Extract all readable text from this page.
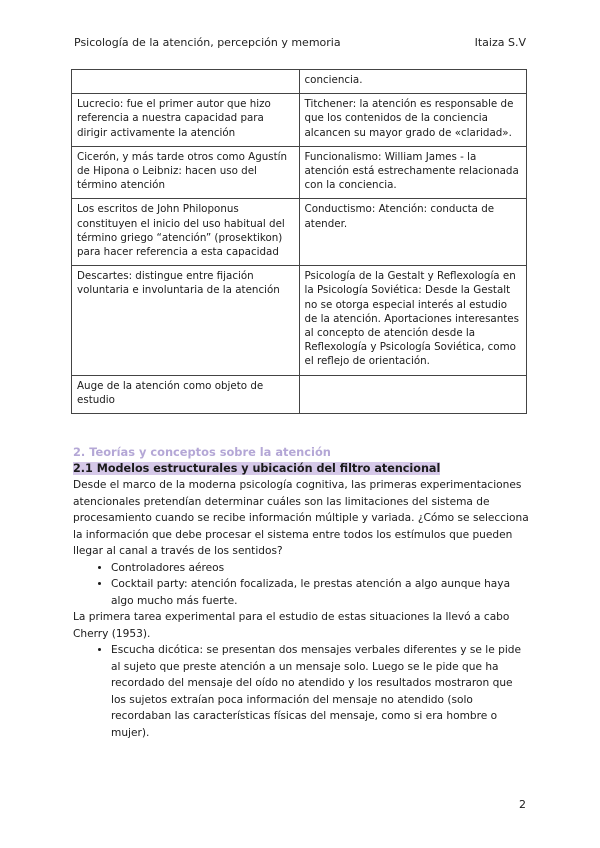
Psicología de la atención, percepción y memoria	Itaiza S.V
	conciencia.
Lucrecio: fue el primer autor que hizo referencia a nuestra capacidad para dirigir activamente la atención	Titchener: la atención es responsable de que los contenidos de la conciencia alcancen su mayor grado de «claridad».
Cicerón, y más tarde otros como Agustín de Hipona o Leibniz: hacen uso del término atención	Funcionalismo: William James - la atención está estrechamente relacionada con la conciencia.
Los escritos de John Philoponus constituyen el inicio del uso habitual del término griego “atención” (prosektikon) para hacer referencia a esta capacidad	Conductismo: Atención: conducta de atender.
Descartes: distingue entre fijación voluntaria e involuntaria de la atención	Psicología de la Gestalt y Reflexología en la Psicología Soviética: Desde la Gestalt no se otorga especial interés al estudio de la atención. Aportaciones interesantes al concepto de atención desde la Reflexología y Psicología Soviética, como el reflejo de orientación.
Auge de la atención como objeto de estudio	
2. Teorías y conceptos sobre la atención
2.1 Modelos estructurales y ubicación del filtro atencional

Desde el marco de la moderna psicología cognitiva, las primeras experimentaciones atencionales pretendían determinar cuáles son las limitaciones del sistema de procesamiento cuando se recibe información múltiple y variada. ¿Cómo se selecciona la información que debe procesar el sistema entre todos los estímulos que pueden llegar al canal a través de los sentidos?

• Controladores aéreos
• Cocktail party: atención focalizada, le prestas atención a algo aunque haya algo mucho más fuerte.

La primera tarea experimental para el estudio de estas situaciones la llevó a cabo Cherry (1953).

• Escucha dicótica: se presentan dos mensajes verbales diferentes y se le pide al sujeto que preste atención a un mensaje solo. Luego se le pide que ha recordado del mensaje del oído no atendido y los resultados mostraron que los sujetos extraían poca información del mensaje no atendido (solo recordaban las características físicas del mensaje, como si era hombre o mujer).
2
